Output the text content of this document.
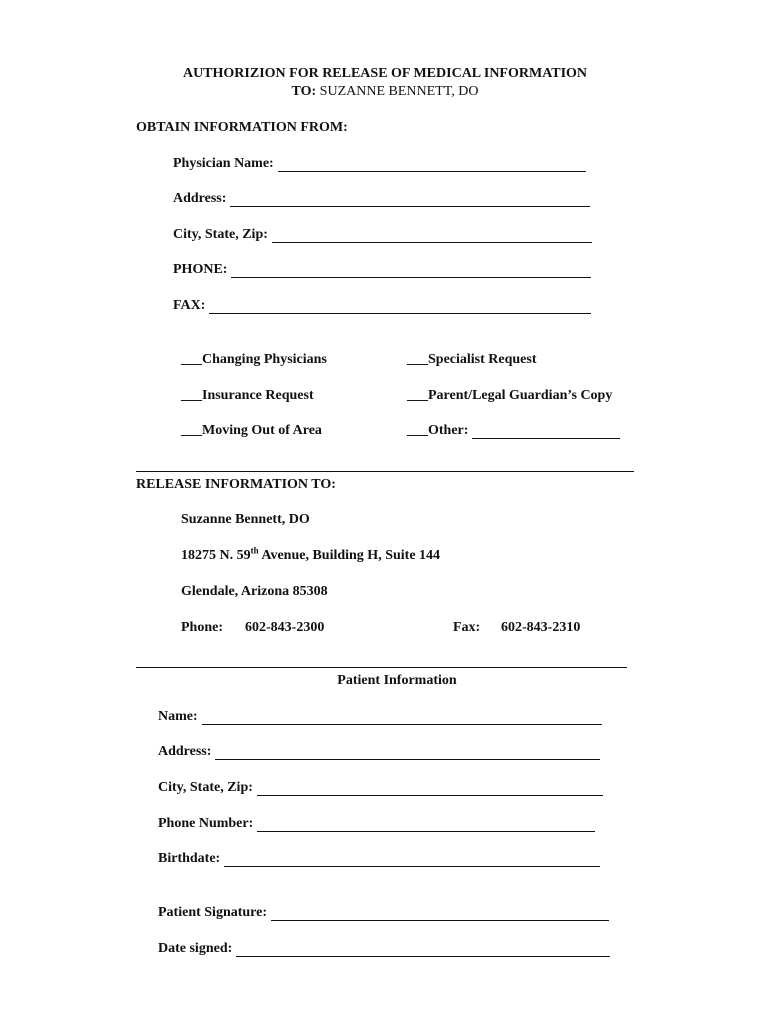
AUTHORIZION FOR RELEASE OF MEDICAL INFORMATION
TO: SUZANNE BENNETT, DO
OBTAIN INFORMATION FROM:
Physician Name:
Address:
City, State, Zip:
PHONE:
FAX:
___Changing Physicians	___Specialist Request
___Insurance Request	___Parent/Legal Guardian’s Copy
___Moving Out of Area	___ Other:
RELEASE INFORMATION TO:
Suzanne Bennett, DO
18275 N. 59th Avenue, Building H, Suite 144
Glendale, Arizona 85308
Phone: 602-843-2300	Fax: 602-843-2310
Patient Information
Name:
Address:
City, State, Zip:
Phone Number:
Birthdate:
Patient Signature:
Date signed:
